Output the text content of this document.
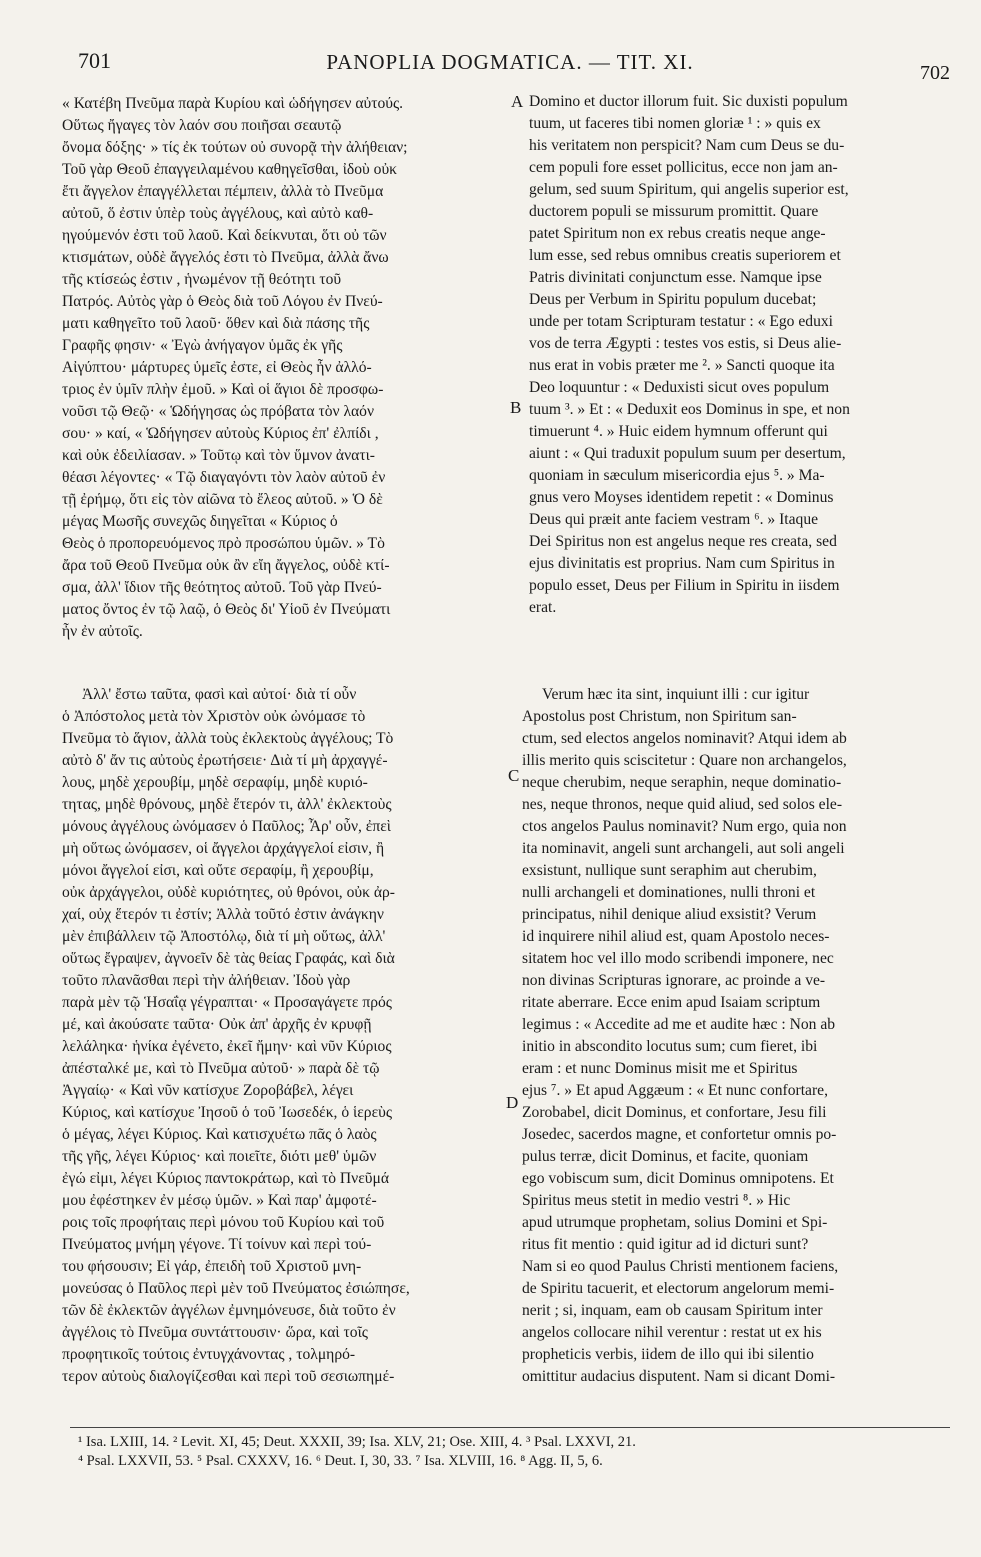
701	PANOPLIA DOGMATICA. — TIT. XI.	702
« Κατέβη Πνεῦμα παρὰ Κυρίου καὶ ὡδήγησεν αὐτούς.
Οὕτως ἤγαγες τὸν λαόν σου ποιῆσαι σεαυτῷ
ὄνομα δόξης· » τίς ἐκ τούτων οὐ συνορᾷ τὴν ἀλήθειαν;
Τοῦ γὰρ Θεοῦ ἐπαγγειλαμένου καθηγεῖσθαι, ἰδοὺ οὐκ
ἔτι ἄγγελον ἐπαγγέλλεται πέμπειν, ἀλλὰ τὸ Πνεῦμα
αὐτοῦ, ὅ ἐστιν ὑπὲρ τοὺς ἀγγέλους, καὶ αὐτὸ καθ-
ηγούμενόν ἐστι τοῦ λαοῦ. Καὶ δείκνυται, ὅτι οὐ τῶν
κτισμάτων, οὐδὲ ἄγγελός ἐστι τὸ Πνεῦμα, ἀλλὰ ἄνω
τῆς κτίσεώς ἐστιν , ἡνωμένον τῇ θεότητι τοῦ
Πατρός. Αὐτὸς γὰρ ὁ Θεὸς διὰ τοῦ Λόγου ἐν Πνεύ-
ματι καθηγεῖτο τοῦ λαοῦ· ὅθεν καὶ διὰ πάσης τῆς
Γραφῆς φησιν· « Ἐγὼ ἀνήγαγον ὑμᾶς ἐκ γῆς
Αἰγύπτου· μάρτυρες ὑμεῖς ἐστε, εἰ Θεὸς ἦν ἀλλό-
τριος ἐν ὑμῖν πλὴν ἐμοῦ. » Καὶ οἱ ἅγιοι δὲ προσφω-
νοῦσι τῷ Θεῷ· « Ὡδήγησας ὡς πρόβατα τὸν λαόν
σου· » καί, « Ὡδήγησεν αὐτοὺς Κύριος ἐπ' ἐλπίδι ,
καὶ οὐκ ἐδειλίασαν. » Τοῦτῳ καὶ τὸν ὕμνον ἀνατι-
θέασι λέγοντες· « Τῷ διαγαγόντι τὸν λαὸν αὐτοῦ ἐν
τῇ ἐρήμῳ, ὅτι εἰς τὸν αἰῶνα τὸ ἔλεος αὐτοῦ. » Ὁ δὲ
μέγας Μωσῆς συνεχῶς διηγεῖται « Κύριος ὁ
Θεὸς ὁ προπορευόμενος πρὸ προσώπου ὑμῶν. » Τὸ
ἄρα τοῦ Θεοῦ Πνεῦμα οὐκ ἂν εἴη ἄγγελος, οὐδὲ κτί-
σμα, ἀλλ' ἴδιον τῆς θεότητος αὐτοῦ. Τοῦ γὰρ Πνεύ-
ματος ὄντος ἐν τῷ λαῷ, ὁ Θεὸς δι' Υἱοῦ ἐν Πνεύματι
ἦν ἐν αὐτοῖς.
Domino et ductor illorum fuit. Sic duxisti populum
tuum, ut faceres tibi nomen gloriæ ¹ : » quis ex
his veritatem non perspicit? Nam cum Deus se du-
cem populi fore esset pollicitus, ecce non jam an-
gelum, sed suum Spiritum, qui angelis superior est,
ductorem populi se missurum promittit. Quare
patet Spiritum non ex rebus creatis neque ange-
lum esse, sed rebus omnibus creatis superiorem et
Patris divinitati conjunctum esse. Namque ipse
Deus per Verbum in Spiritu populum ducebat;
unde per totam Scripturam testatur : « Ego eduxi
vos de terra Ægypti : testes vos estis, si Deus alie-
nus erat in vobis præter me ². » Sancti quoque ita
Deo loquuntur : « Deduxisti sicut oves populum
tuum ³. » Et : « Deduxit eos Dominus in spe, et non
timuerunt ⁴. » Huic eidem hymnum offerunt qui
aiunt : « Qui traduxit populum suum per desertum,
quoniam in sæculum misericordia ejus ⁵. » Ma-
gnus vero Moyses identidem repetit : « Dominus
Deus qui præit ante faciem vestram ⁶. » Itaque
Dei Spiritus non est angelus neque res creata, sed
ejus divinitatis est proprius. Nam cum Spiritus in
populo esset, Deus per Filium in Spiritu in iisdem
erat.
Ἀλλ' ἔστω ταῦτα, φασὶ καὶ αὐτοί· διὰ τί οὖν
ὁ Ἀπόστολος μετὰ τὸν Χριστὸν οὐκ ὠνόμασε τὸ
Πνεῦμα τὸ ἅγιον, ἀλλὰ τοὺς ἐκλεκτοὺς ἀγγέλους; Τὸ
αὐτὸ δ' ἄν τις αὐτοὺς ἐρωτήσειε· Διὰ τί μὴ ἀρχαγγέ-
λους, μηδὲ χερουβίμ, μηδὲ σεραφίμ, μηδὲ κυριό-
τητας, μηδὲ θρόνους, μηδὲ ἕτερόν τι, ἀλλ' ἐκλεκτοὺς
μόνους ἀγγέλους ὠνόμασεν ὁ Παῦλος; Ἆρ' οὖν, ἐπεὶ
μὴ οὕτως ὠνόμασεν, οἱ ἄγγελοι ἀρχάγγελοί εἰσιν, ἢ
μόνοι ἄγγελοί εἰσι, καὶ οὔτε σεραφίμ, ἢ χερουβίμ,
οὐκ ἀρχάγγελοι, οὐδὲ κυριότητες, οὐ θρόνοι, οὐκ ἀρ-
χαί, οὐχ ἕτερόν τι ἐστίν; Ἀλλὰ τοῦτό ἐστιν ἀνάγκην
μὲν ἐπιβάλλειν τῷ Ἀποστόλῳ, διὰ τί μὴ οὕτως, ἀλλ'
οὕτως ἔγραψεν, ἀγνοεῖν δὲ τὰς θείας Γραφάς, καὶ διὰ
τοῦτο πλανᾶσθαι περὶ τὴν ἀλήθειαν. Ἰδοὺ γὰρ
παρὰ μὲν τῷ Ἡσαΐᾳ γέγραπται· « Προσαγάγετε πρός
μέ, καὶ ἀκούσατε ταῦτα· Οὐκ ἀπ' ἀρχῆς ἐν κρυφῇ
λελάληκα· ἡνίκα ἐγένετο, ἐκεῖ ἤμην· καὶ νῦν Κύριος
ἀπέσταλκέ με, καὶ τὸ Πνεῦμα αὐτοῦ· » παρὰ δὲ τῷ
Ἀγγαίῳ· « Καὶ νῦν κατίσχυε Ζοροβάβελ, λέγει
Κύριος, καὶ κατίσχυε Ἰησοῦ ὁ τοῦ Ἰωσεδέκ, ὁ ἱερεὺς
ὁ μέγας, λέγει Κύριος. Καὶ κατισχυέτω πᾶς ὁ λαὸς
τῆς γῆς, λέγει Κύριος· καὶ ποιεῖτε, διότι μεθ' ὑμῶν
ἐγώ εἰμι, λέγει Κύριος παντοκράτωρ, καὶ τὸ Πνεῦμά
μου ἐφέστηκεν ἐν μέσῳ ὑμῶν. » Καὶ παρ' ἀμφοτέ-
ροις τοῖς προφήταις περὶ μόνου τοῦ Κυρίου καὶ τοῦ
Πνεύματος μνήμη γέγονε. Τί τοίνυν καὶ περὶ τού-
του φήσουσιν; Εἰ γάρ, ἐπειδὴ τοῦ Χριστοῦ μνη-
μονεύσας ὁ Παῦλος περὶ μὲν τοῦ Πνεύματος ἐσιώπησε,
τῶν δὲ ἐκλεκτῶν ἀγγέλων ἐμνημόνευσε, διὰ τοῦτο ἐν
ἀγγέλοις τὸ Πνεῦμα συντάττουσιν· ὥρα, καὶ τοῖς
προφητικοῖς τούτοις ἐντυγχάνοντας , τολμηρό-
τερον αὐτοὺς διαλογίζεσθαι καὶ περὶ τοῦ σεσιωπημέ-
Verum hæc ita sint, inquiunt illi : cur igitur
Apostolus post Christum, non Spiritum san-
ctum, sed electos angelos nominavit? Atqui idem ab
illis merito quis sciscitetur : Quare non archangelos,
neque cherubim, neque seraphin, neque dominatio-
nes, neque thronos, neque quid aliud, sed solos ele-
ctos angelos Paulus nominavit? Num ergo, quia non
ita nominavit, angeli sunt archangeli, aut soli angeli
exsistunt, nullique sunt seraphim aut cherubim,
nulli archangeli et dominationes, nulli throni et
principatus, nihil denique aliud exsistit? Verum
id inquirere nihil aliud est, quam Apostolo neces-
sitatem hoc vel illo modo scribendi imponere, nec
non divinas Scripturas ignorare, ac proinde a ve-
ritate aberrare. Ecce enim apud Isaiam scriptum
legimus : « Accedite ad me et audite hæc : Non ab
initio in abscondito locutus sum; cum fieret, ibi
eram : et nunc Dominus misit me et Spiritus
ejus ⁷. » Et apud Aggæum : « Et nunc confortare,
Zorobabel, dicit Dominus, et confortare, Jesu fili
Josedec, sacerdos magne, et confortetur omnis po-
pulus terræ, dicit Dominus, et facite, quoniam
ego vobiscum sum, dicit Dominus omnipotens. Et
Spiritus meus stetit in medio vestri ⁸. » Hic
apud utrumque prophetam, solius Domini et Spi-
ritus fit mentio : quid igitur ad id dicturi sunt?
Nam si eo quod Paulus Christi mentionem faciens,
de Spiritu tacuerit, et electorum angelorum memi-
nerit ; si, inquam, eam ob causam Spiritum inter
angelos collocare nihil verentur : restat ut ex his
propheticis verbis, iidem de illo qui ibi silentio
omittitur audacius disputent. Nam si dicant Domi-
A
B
C
D
¹ Isa. LXIII, 14. ² Levit. XI, 45; Deut. XXXII, 39; Isa. XLV, 21; Ose. XIII, 4. ³ Psal. LXXVI, 21.
⁴ Psal. LXXVII, 53. ⁵ Psal. CXXXV, 16. ⁶ Deut. I, 30, 33. ⁷ Isa. XLVIII, 16. ⁸ Agg. II, 5, 6.
